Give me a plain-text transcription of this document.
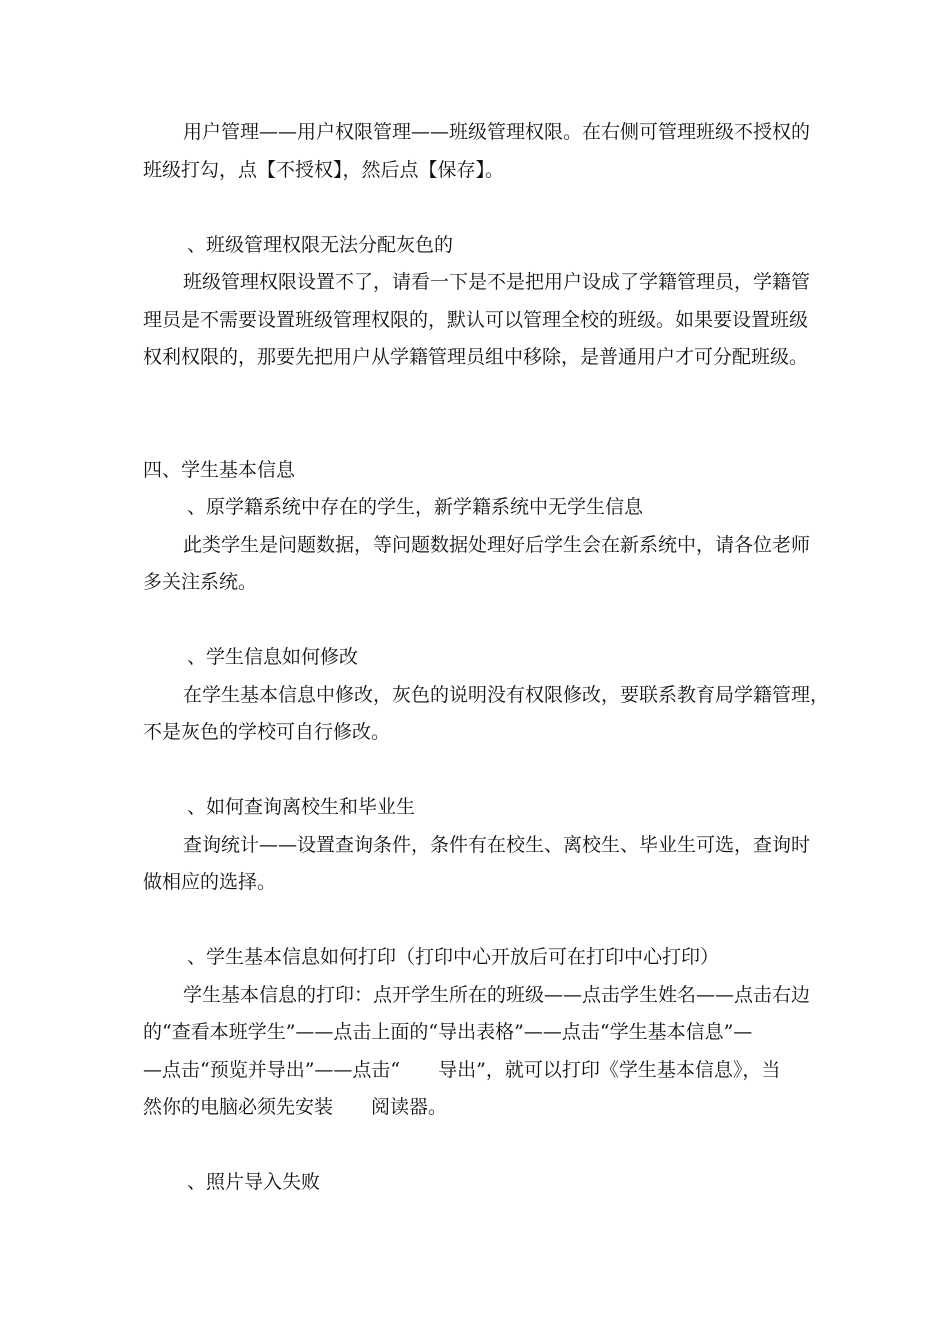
用户管理——用户权限管理——班级管理权限。在右侧可管理班级不授权的
班级打勾，点【不授权】，然后点【保存】。
、班级管理权限无法分配灰色的
班级管理权限设置不了，请看一下是不是把用户设成了学籍管理员，学籍管
理员是不需要设置班级管理权限的，默认可以管理全校的班级。如果要设置班级
权利权限的，那要先把用户从学籍管理员组中移除，是普通用户才可分配班级。
四、学生基本信息
、原学籍系统中存在的学生，新学籍系统中无学生信息
此类学生是问题数据，等问题数据处理好后学生会在新系统中，请各位老师
多关注系统。
、学生信息如何修改
在学生基本信息中修改，灰色的说明没有权限修改，要联系教育局学籍管理，
不是灰色的学校可自行修改。
、如何查询离校生和毕业生
查询统计——设置查询条件，条件有在校生、离校生、毕业生可选，查询时
做相应的选择。
、学生基本信息如何打印（打印中心开放后可在打印中心打印）
学生基本信息的打印：点开学生所在的班级——点击学生姓名——点击右边
的“查看本班学生”——点击上面的“导出表格”——点击“学生基本信息”—
—点击“预览并导出”——点击“　　导出”，就可以打印《学生基本信息》，当
然你的电脑必须先安装　　阅读器。
、照片导入失败
